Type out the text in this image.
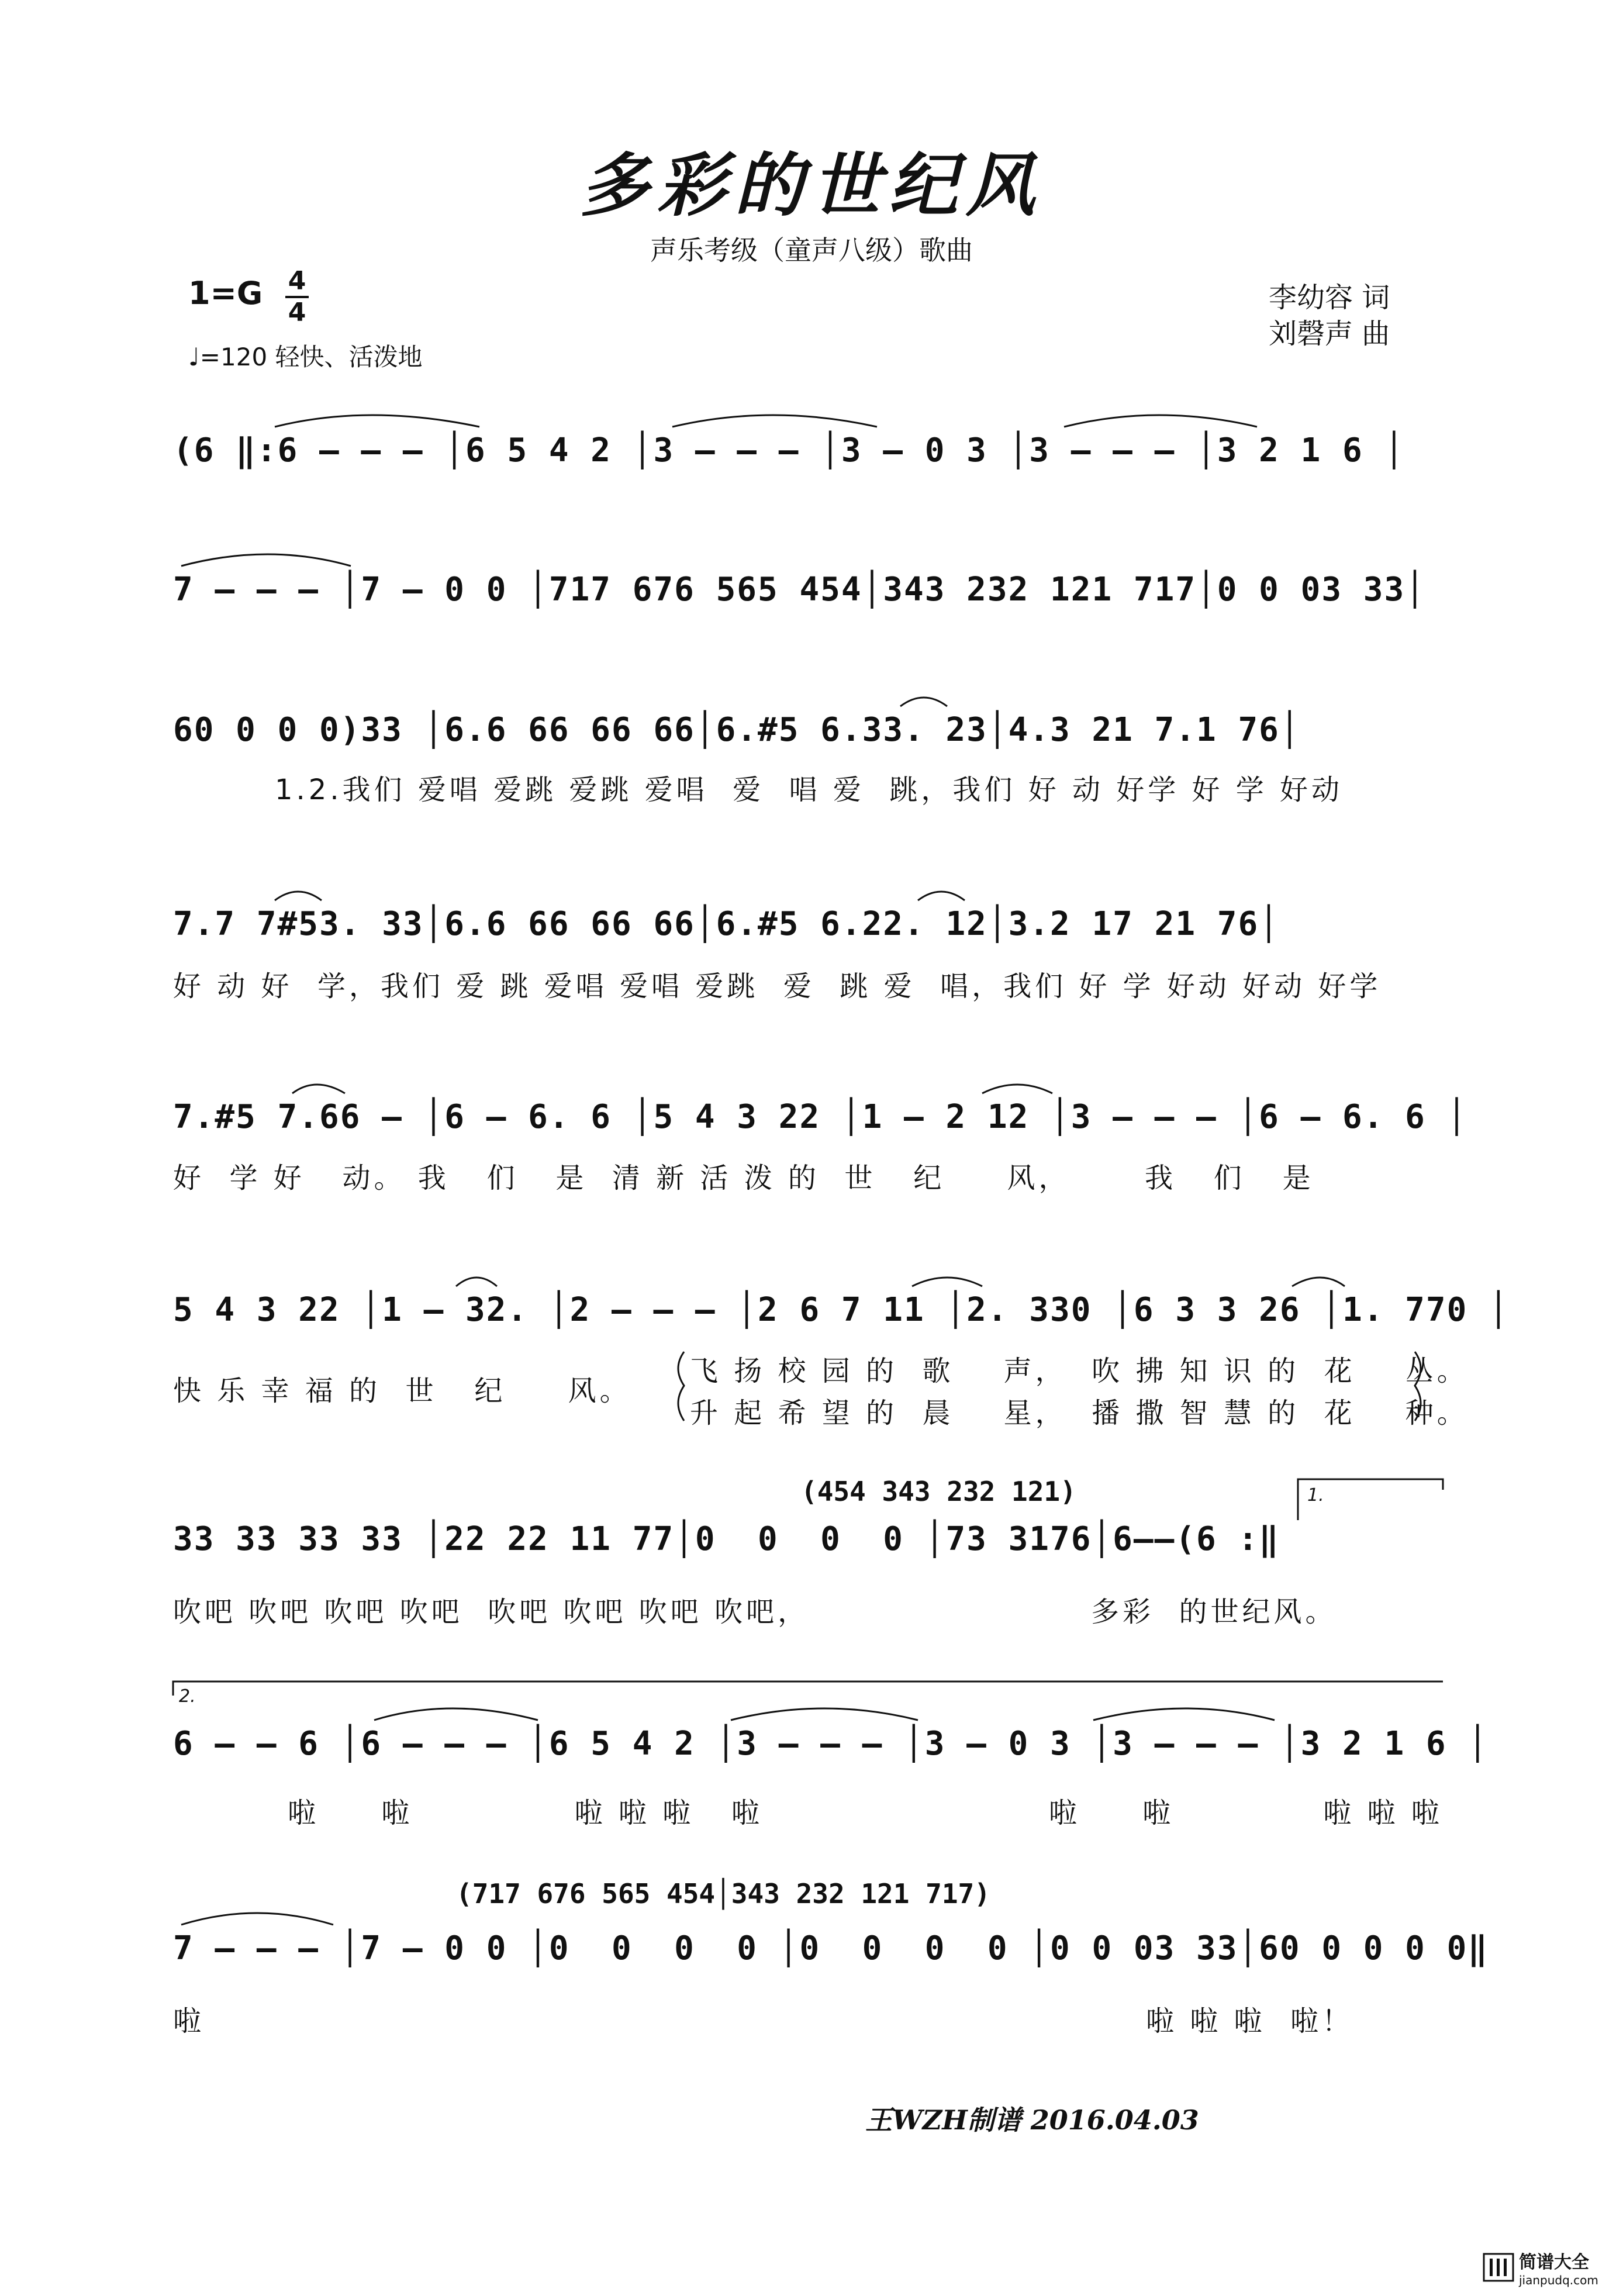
多彩的世纪风
声乐考级（童声八级）歌曲
1=G 4
4
♩=120 轻快、活泼地
李幼容 词
刘磬声 曲
(6 ‖:6 – – – │6 5 4 2 │3 – – – │3 – 0 3 │3 – – – │3 2 1 6 │
7 – – – │7 – 0 0 │717 676 565 454│343 232 121 717│0 0 03 33│
60 0 0 0)33 │6.6 66 66 66│6.#5 6.33. 23│4.3 21 7.1 76│
1.2.我们 爱唱 爱跳 爱跳 爱唱  爱  唱 爱  跳，我们 好 动 好学 好 学 好动
7.7 7#53. 33│6.6 66 66 66│6.#5 6.22. 12│3.2 17 21 76│
好 动 好  学，我们 爱 跳 爱唱 爱唱 爱跳  爱  跳 爱  唱，我们 好 学 好动 好动 好学
7.#5 7.66 – │6 – 6. 6 │5 4 3 22 │1 – 2 12 │3 – – – │6 – 6. 6 │
好  学 好   动。 我   们   是  清 新 活 泼 的  世   纪     风，      我   们   是
5 4 3 22 │1 – 32. │2 – – – │2 6 7 11 │2. 330 │6 3 3 26 │1. 770 │
快 乐 幸 福 的  世   纪     风。
飞 扬 校 园 的  歌    声，  吹 拂 知 识 的  花    丛。
升 起 希 望 的  晨    星，  播 撒 智 慧 的  花    种。
(454 343 232 121)
33 33 33 33 │22 22 11 77│0  0  0  0 │73 3176│6––(6 :‖
1.
吹吧 吹吧 吹吧 吹吧  吹吧 吹吧 吹吧 吹吧，	多彩  的世纪风。
2.
6 – – 6 │6 – – – │6 5 4 2 │3 – – – │3 – 0 3 │3 – – – │3 2 1 6 │
啦     啦             啦 啦 啦   啦                       啦     啦            啦 啦 啦
(717 676 565 454│343 232 121 717)
7 – – – │7 – 0 0 │0  0  0  0 │0  0  0  0 │0 0 03 33│60 0 0 0 0‖
啦	啦 啦 啦  啦！
王WZH制谱 2016.04.03
简谱大全
jianpudq.com
